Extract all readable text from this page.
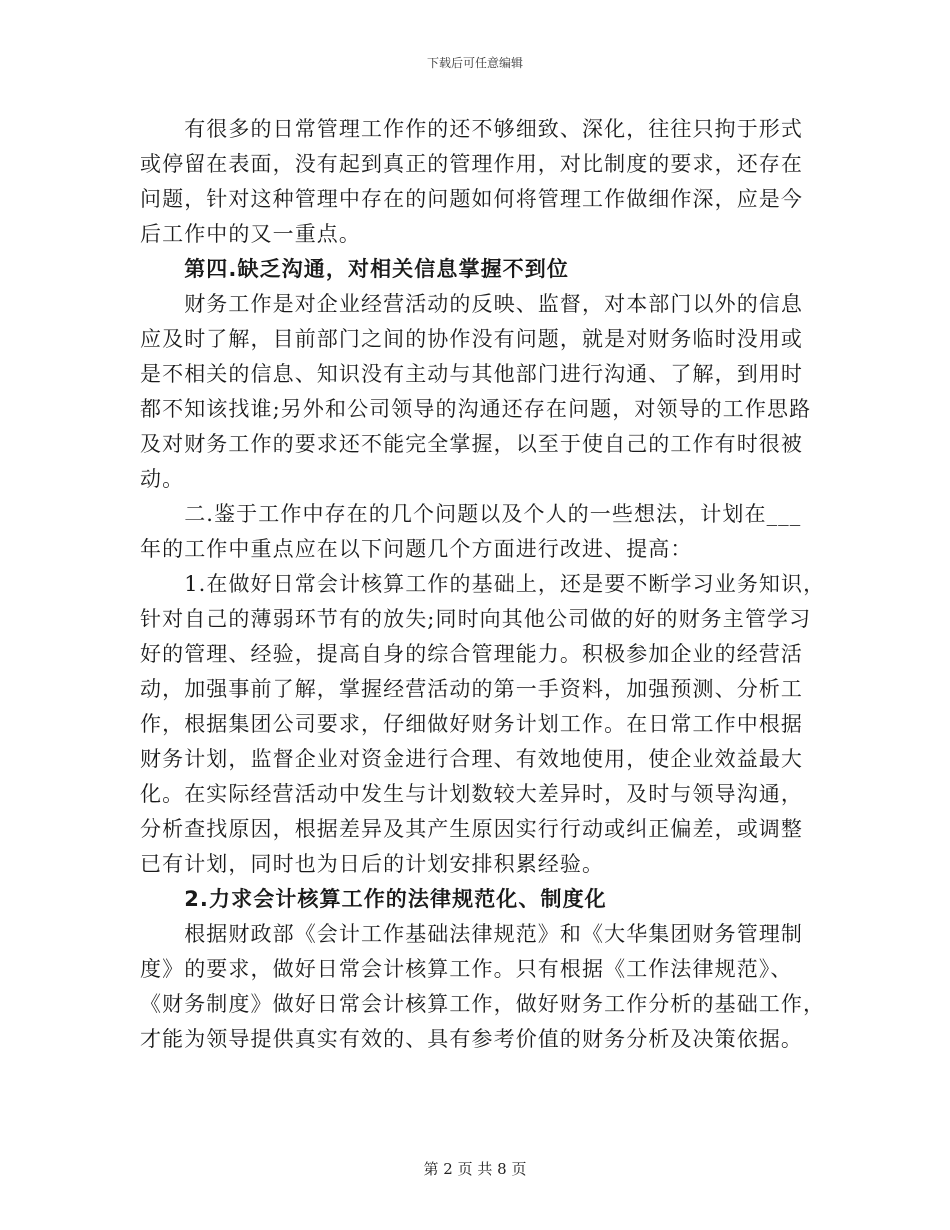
下载后可任意编辑
　　有很多的日常管理工作作的还不够细致、深化，往往只拘于形式
或停留在表面，没有起到真正的管理作用，对比制度的要求，还存在
问题，针对这种管理中存在的问题如何将管理工作做细作深，应是今
后工作中的又一重点。
　　第四.缺乏沟通，对相关信息掌握不到位
　　财务工作是对企业经营活动的反映、监督，对本部门以外的信息
应及时了解，目前部门之间的协作没有问题，就是对财务临时没用或
是不相关的信息、知识没有主动与其他部门进行沟通、了解，到用时
都不知该找谁;另外和公司领导的沟通还存在问题，对领导的工作思路
及对财务工作的要求还不能完全掌握，以至于使自己的工作有时很被
动。
　　二.鉴于工作中存在的几个问题以及个人的一些想法，计划在___
年的工作中重点应在以下问题几个方面进行改进、提高：
　　1.在做好日常会计核算工作的基础上，还是要不断学习业务知识，
针对自己的薄弱环节有的放失;同时向其他公司做的好的财务主管学习
好的管理、经验，提高自身的综合管理能力。积极参加企业的经营活
动，加强事前了解，掌握经营活动的第一手资料，加强预测、分析工
作，根据集团公司要求，仔细做好财务计划工作。在日常工作中根据
财务计划，监督企业对资金进行合理、有效地使用，使企业效益最大
化。在实际经营活动中发生与计划数较大差异时，及时与领导沟通，
分析查找原因，根据差异及其产生原因实行行动或纠正偏差，或调整
已有计划，同时也为日后的计划安排积累经验。
　　2.力求会计核算工作的法律规范化、制度化
　　根据财政部《会计工作基础法律规范》和《大华集团财务管理制
度》的要求，做好日常会计核算工作。只有根据《工作法律规范》、
《财务制度》做好日常会计核算工作，做好财务工作分析的基础工作，
才能为领导提供真实有效的、具有参考价值的财务分析及决策依据。
第 2 页 共 8 页
